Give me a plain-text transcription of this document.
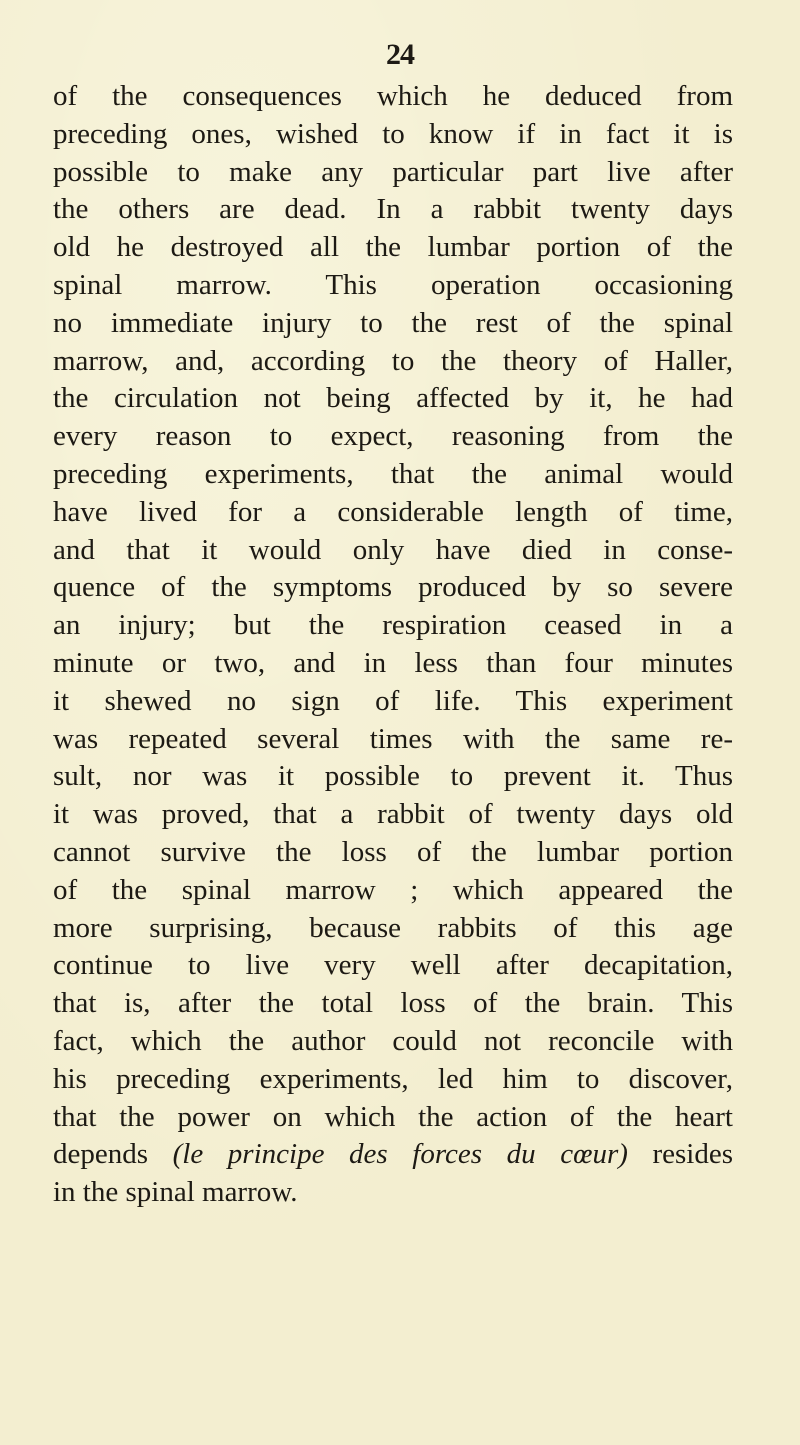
24
of the consequences which he deduced from
preceding ones, wished to know if in fact it is
possible to make any particular part live after
the others are dead. In a rabbit twenty days
old he destroyed all the lumbar portion of the
spinal marrow. This operation occasioning
no immediate injury to the rest of the spinal
marrow, and, according to the theory of Haller,
the circulation not being affected by it, he had
every reason to expect, reasoning from the
preceding experiments, that the animal would
have lived for a considerable length of time,
and that it would only have died in conse-
quence of the symptoms produced by so severe
an injury; but the respiration ceased in a
minute or two, and in less than four minutes
it shewed no sign of life. This experiment
was repeated several times with the same re-
sult, nor was it possible to prevent it. Thus
it was proved, that a rabbit of twenty days old
cannot survive the loss of the lumbar portion
of the spinal marrow ; which appeared the
more surprising, because rabbits of this age
continue to live very well after decapitation,
that is, after the total loss of the brain. This
fact, which the author could not reconcile with
his preceding experiments, led him to discover,
that the power on which the action of the heart
depends (le principe des forces du cœur) resides
in the spinal marrow.
